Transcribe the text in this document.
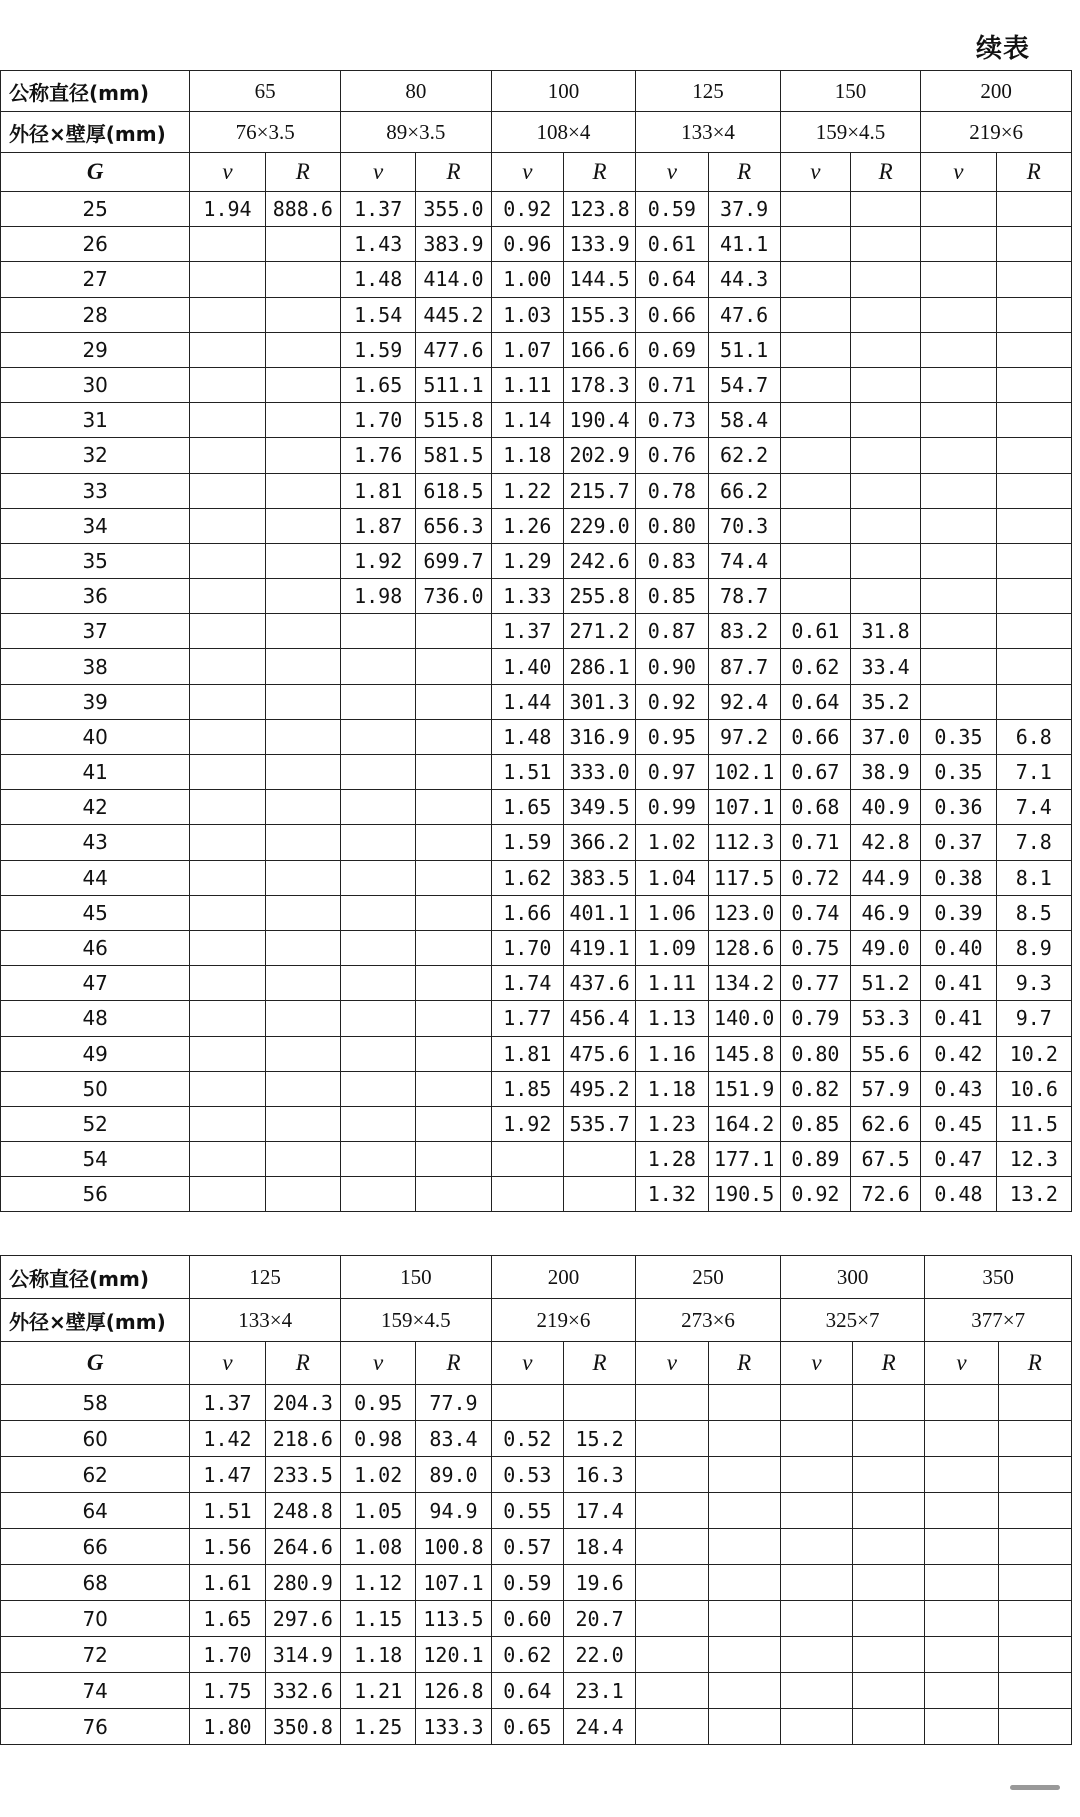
续表
公称直径(mm)	65		80		100		125		150		200	
外径×壁厚(mm)	76×3.5		89×3.5		108×4		133×4		159×4.5		219×6	
G	v	R	v	R	v	R	v	R	v	R	v	R
25	1.94	888.6	1.37	355.0	0.92	123.8	0.59	37.9				
26			1.43	383.9	0.96	133.9	0.61	41.1				
27			1.48	414.0	1.00	144.5	0.64	44.3				
28			1.54	445.2	1.03	155.3	0.66	47.6				
29			1.59	477.6	1.07	166.6	0.69	51.1				
30			1.65	511.1	1.11	178.3	0.71	54.7				
31			1.70	515.8	1.14	190.4	0.73	58.4				
32			1.76	581.5	1.18	202.9	0.76	62.2				
33			1.81	618.5	1.22	215.7	0.78	66.2				
34			1.87	656.3	1.26	229.0	0.80	70.3				
35			1.92	699.7	1.29	242.6	0.83	74.4				
36			1.98	736.0	1.33	255.8	0.85	78.7				
37					1.37	271.2	0.87	83.2	0.61	31.8		
38					1.40	286.1	0.90	87.7	0.62	33.4		
39					1.44	301.3	0.92	92.4	0.64	35.2		
40					1.48	316.9	0.95	97.2	0.66	37.0	0.35	6.8
41					1.51	333.0	0.97	102.1	0.67	38.9	0.35	7.1
42					1.65	349.5	0.99	107.1	0.68	40.9	0.36	7.4
43					1.59	366.2	1.02	112.3	0.71	42.8	0.37	7.8
44					1.62	383.5	1.04	117.5	0.72	44.9	0.38	8.1
45					1.66	401.1	1.06	123.0	0.74	46.9	0.39	8.5
46					1.70	419.1	1.09	128.6	0.75	49.0	0.40	8.9
47					1.74	437.6	1.11	134.2	0.77	51.2	0.41	9.3
48					1.77	456.4	1.13	140.0	0.79	53.3	0.41	9.7
49					1.81	475.6	1.16	145.8	0.80	55.6	0.42	10.2
50					1.85	495.2	1.18	151.9	0.82	57.9	0.43	10.6
52					1.92	535.7	1.23	164.2	0.85	62.6	0.45	11.5
54							1.28	177.1	0.89	67.5	0.47	12.3
56							1.32	190.5	0.92	72.6	0.48	13.2
公称直径(mm)	125		150		200		250		300		350	
外径×壁厚(mm)	133×4		159×4.5		219×6		273×6		325×7		377×7	
G	v	R	v	R	v	R	v	R	v	R	v	R
58	1.37	204.3	0.95	77.9								
60	1.42	218.6	0.98	83.4	0.52	15.2						
62	1.47	233.5	1.02	89.0	0.53	16.3						
64	1.51	248.8	1.05	94.9	0.55	17.4						
66	1.56	264.6	1.08	100.8	0.57	18.4						
68	1.61	280.9	1.12	107.1	0.59	19.6						
70	1.65	297.6	1.15	113.5	0.60	20.7						
72	1.70	314.9	1.18	120.1	0.62	22.0						
74	1.75	332.6	1.21	126.8	0.64	23.1						
76	1.80	350.8	1.25	133.3	0.65	24.4						
